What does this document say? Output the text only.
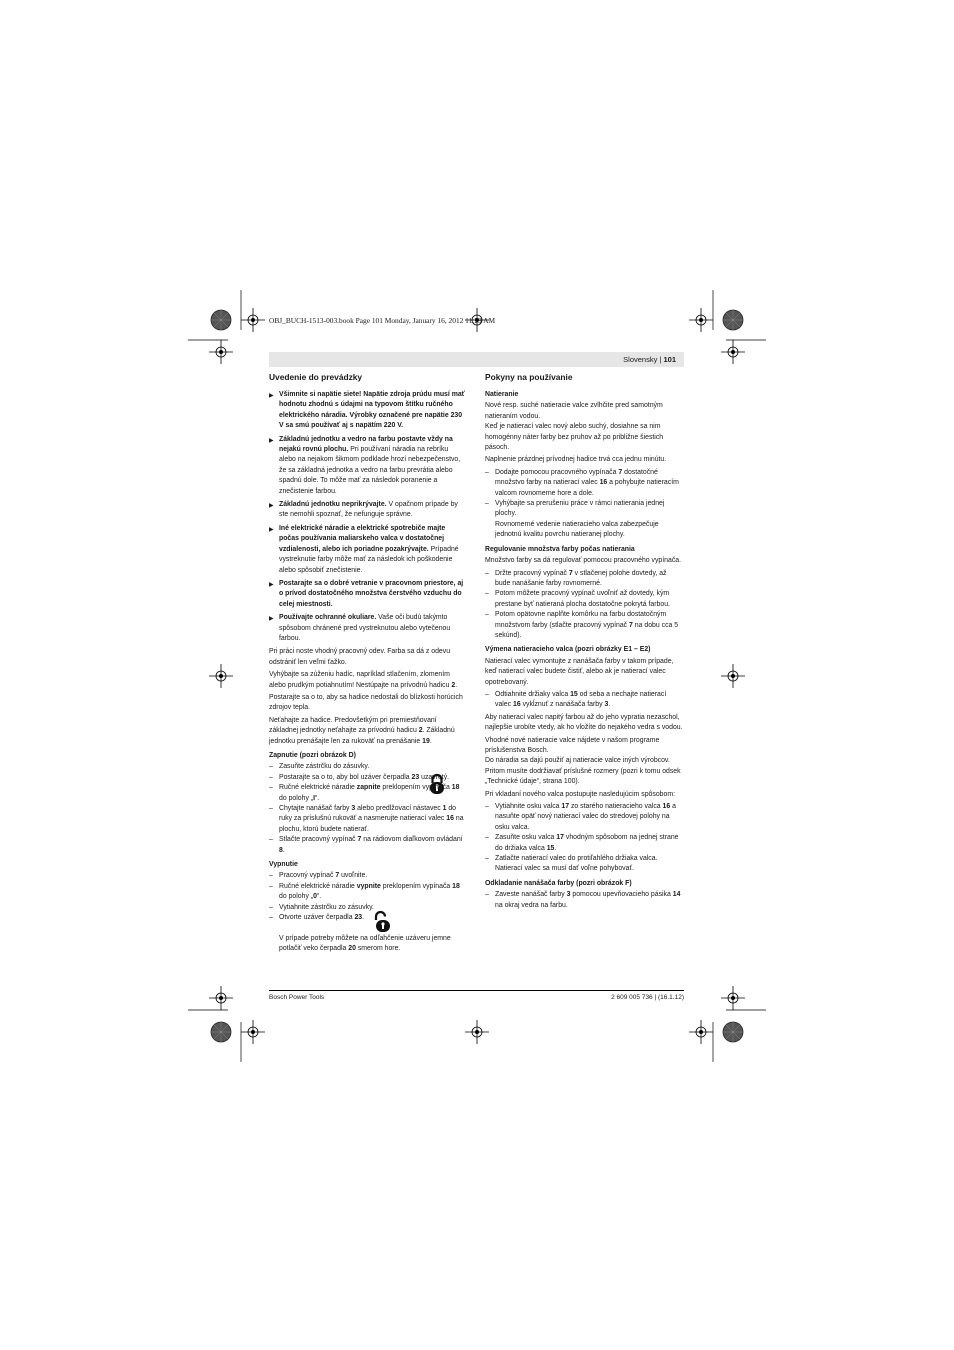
OBJ_BUCH-1513-003.book Page 101 Monday, January 16, 2012 11:29 AM
Slovensky | 101
Uvedenie do prevádzky
▶ Všimnite si napätie siete! Napätie zdroja prúdu musí mať hodnotu zhodnú s údajmi na typovom štítku ručného elektrického náradia. Výrobky označené pre napätie 230 V sa smú používať aj s napätím 220 V.
▶ Základnú jednotku a vedro na farbu postavte vždy na nejakú rovnú plochu. Pri používaní náradia na rebríku alebo na nejakom šikmom podklade hrozí nebezpečenstvo, že sa základná jednotka a vedro na farbu prevrátia alebo spadnú dole. To môže mať za následok poranenie a znečistenie farbou.
▶ Základnú jednotku neprikrývajte. V opačnom prípade by ste nemohli spoznať, že nefunguje správne.
▶ Iné elektrické náradie a elektrické spotrebiče majte počas používania maliarskeho valca v dostatočnej vzdialenosti, alebo ich poriadne pozakrývajte. Prípadné vystreknutie farby môže mať za následok ich poškodenie alebo spôsobiť znečistenie.
▶ Postarajte sa o dobré vetranie v pracovnom priestore, aj o prívod dostatočného množstva čerstvého vzduchu do celej miestnosti.
▶ Používajte ochranné okuliare. Vaše oči budú takýmto spôsobom chránené pred vystreknutou alebo vytečenou farbou.

Pri práci noste vhodný pracovný odev. Farba sa dá z odevu odstrániť len veľmi ťažko.

Vyhýbajte sa zúženiu hadíc, napríklad stlačením, zlomením alebo prudkým potiahnutím! Nestúpajte na prívodnú hadicu 2.

Postarajte sa o to, aby sa hadice nedostali do blízkosti horúcich zdrojov tepla.

Neťahajte za hadice. Predovšetkým pri premiestňovaní základnej jednotky neťahajte za prívodnú hadicu 2. Základnú jednotku prenášajte len za rukoväť na prenášanie 19.

Zapnutie (pozri obrázok D)
– Zasuňte zástrčku do zásuvky.
– Postarajte sa o to, aby bol uzáver čerpadla 23 uzavretý.
– Ručné elektrické náradie zapnite preklopením vypínača 18 do polohy „I“.
– Chytajte nanášač farby 3 alebo predlžovací nástavec 1 do ruky za príslušnú rukoväť a nasmerujte natierací valec 16 na plochu, ktorú budete natierať.
– Stlačte pracovný vypínač 7 na rádiovom diaľkovom ovládaní 8.
Vypnutie
– Pracovný vypínač 7 uvoľnite.
– Ručné elektrické náradie vypnite preklopením vypínača 18 do polohy „0“.
– Vytiahnite zástrčku zo zásuvky.
– Otvorte uzáver čerpadla 23.
V prípade potreby môžete na odľahčenie uzáveru jemne potlačiť veko čerpadla 20 smerom hore.
Pokyny na používanie
Natieranie

Nové resp. suché natieracie valce zvlhčite pred samotným natieraním vodou.

Keď je natierací valec nový alebo suchý, dosiahne sa nim homogénny náter farby bez pruhov až po približne šiestich pásoch.

Naplnenie prázdnej prívodnej hadice trvá cca jednu minútu.

– Dodajte pomocou pracovného vypínača 7 dostatočné množstvo farby na natierací valec 16 a pohybujte natieracím valcom rovnomerne hore a dole.
– Vyhýbajte sa prerušeniu práce v rámci natierania jednej plochy.
Rovnomerné vedenie natieracieho valca zabezpečuje jednotnú kvalitu povrchu natieranej plochy.
Regulovanie množstva farby počas natierania

Množstvo farby sa dá regulovať pomocou pracovného vypínača.

– Držte pracovný vypínač 7 v stlačenej polohe dovtedy, až bude nanášanie farby rovnomerné.
– Potom môžete pracovný vypínač uvoľniť až dovtedy, kým prestane byť natieraná plocha dostatočne pokrytá farbou.
– Potom opätovne naplňte komôrku na farbu dostatočným množstvom farby (stlačte pracovný vypínač 7 na dobu cca 5 sekúnd).
Výmena natieracieho valca (pozri obrázky E1 – E2)

Natierací valec vymontujte z nanášača farby v takom prípade, keď natierací valec budete čistiť, alebo ak je natierací valec opotrebovaný.

– Odtiahnite držiaky valca 15 od seba a nechajte natierací valec 16 vykĺznuť z nanášača farby 3.

Aby natierací valec napitý farbou až do jeho vypratia nezaschol, najlepšie urobíte vtedy, ak ho vložíte do nejakého vedra s vodou.

Vhodné nové natieracie valce nájdete v našom programe príslušenstva Bosch.

Do náradia sa dajú použiť aj natieracie valce iných výrobcov. Pritom musíte dodržiavať príslušné rozmery (pozri k tomu odsek „Technické údaje“, strana 100).

Pri vkladaní nového valca postupujte nasledujúcim spôsobom:

– Vytiahnite osku valca 17 zo starého natieracieho valca 16 a nasuňte opäť nový natierací valec do stredovej polohy na osku valca.
– Zasuňte osku valca 17 vhodným spôsobom na jednej strane do držiaka valca 15.
– Zatlačte natierací valec do protiľahlého držiaka valca. Natierací valec sa musí dať voľne pohybovať.
Odkladanie nanášača farby (pozri obrázok F)
– Zaveste nanášač farby 3 pomocou upevňovacieho pásika 14 na okraj vedra na farbu.
Bosch Power Tools	2 609 005 736 | (16.1.12)
